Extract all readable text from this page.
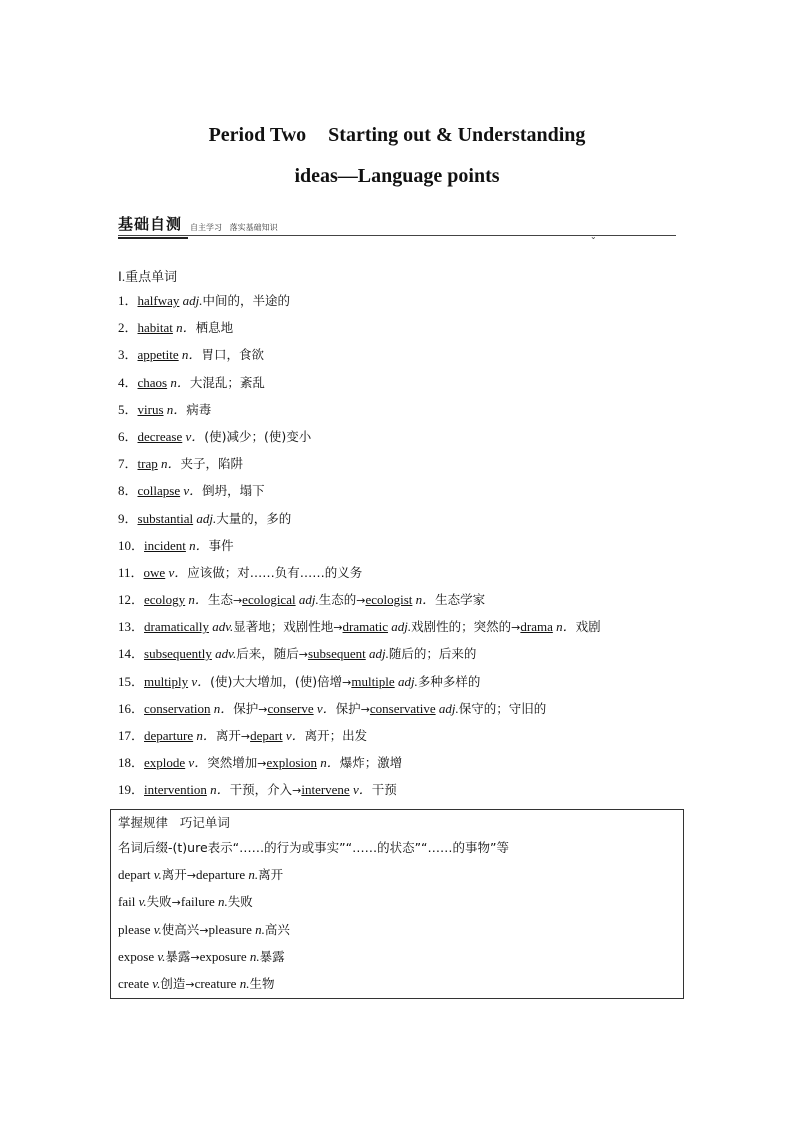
Period Two Starting out & Understanding
ideas—Language points
基础自测 自主学习   落实基础知识
⌄
Ⅰ.重点单词
1．halfway adj.中间的，半途的
2．habitat n．栖息地
3．appetite n．胃口，食欲
4．chaos n．大混乱；紊乱
5．virus n．病毒
6．decrease v．(使)减少；(使)变小
7．trap n．夹子，陷阱
8．collapse v．倒坍，塌下
9．substantial adj.大量的，多的
10．incident n．事件
11．owe v．应该做；对……负有……的义务
12．ecology n．生态→ecological adj.生态的→ecologist n．生态学家
13．dramatically adv.显著地；戏剧性地→dramatic adj.戏剧性的；突然的→drama n．戏剧
14．subsequently adv.后来，随后→subsequent adj.随后的；后来的
15．multiply v．(使)大大增加，(使)倍增→multiple adj.多种多样的
16．conservation n．保护→conserve v．保护→conservative adj.保守的；守旧的
17．departure n．离开→depart v．离开；出发
18．explode v．突然增加→explosion n．爆炸；激增
19．intervention n．干预，介入→intervene v．干预
掌握规律   巧记单词
名词后缀-(t)ure表示“……的行为或事实”“……的状态”“……的事物”等
depart v.离开→departure n.离开
fail v.失败→failure n.失败
please v.使高兴→pleasure n.高兴
expose v.暴露→exposure n.暴露
create v.创造→creature n.生物
